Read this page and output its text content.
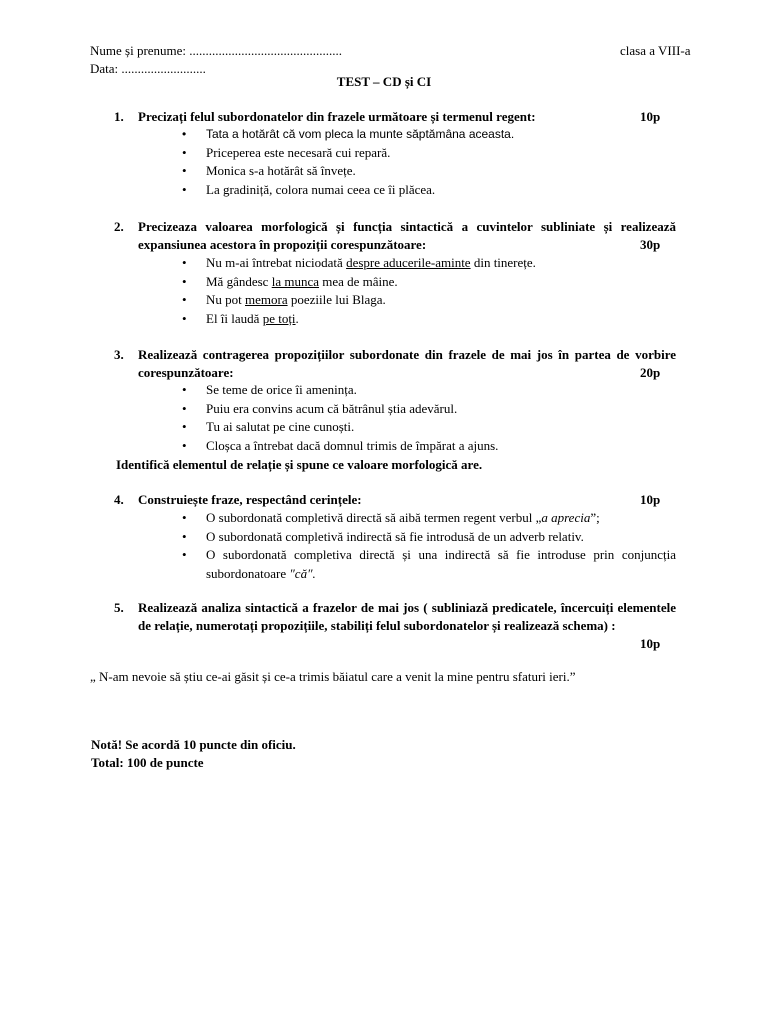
Nume și prenume: ...............................................
Data: ..........................
clasa a VIII-a
TEST – CD și CI
1. Precizați felul subordonatelor din frazele următoare și termenul regent:	10p
• Tata a hotărât că vom pleca la munte săptămâna aceasta.
• Priceperea este necesară cui repară.
• Monica s-a hotărât să învețe.
• La gradiniță, colora numai ceea ce îi plăcea.
2. Precizeaza valoarea morfologică și funcția sintactică a cuvintelor subliniate și realizează expansiunea acestora în propoziții corespunzătoare:	30p
• Nu m-ai întrebat niciodată despre aducerile-aminte din tinerețe.
• Mă gândesc la munca mea de mâine.
• Nu pot memora poeziile lui Blaga.
• El îi laudă pe toți.
3. Realizează contragerea propozițiilor subordonate din frazele de mai jos în partea de vorbire corespunzătoare:	20p
• Se teme de orice îi amenința.
• Puiu era convins acum că bătrânul știa adevărul.
• Tu ai salutat pe cine cunoști.
• Cloșca a întrebat dacă domnul trimis de împărat a ajuns.
Identifică elementul de relație și spune ce valoare morfologică are.
4. Construiește fraze, respectând cerințele:	10p
• O subordonată completivă directă să aibă termen regent verbul „a aprecia”;
• O subordonată completivă indirectă să fie introdusă de un adverb relativ.
• O subordonată completiva directă și una indirectă să fie introduse prin conjuncția subordonatoare ″că″.
5. Realizează analiza sintactică a frazelor de mai jos ( subliniază predicatele, încercuiți elementele de relație, numerotați propozițiile, stabiliți felul subordonatelor și realizează schema) :
10p
„ N-am nevoie să știu ce-ai găsit și ce-a trimis băiatul care a venit la mine pentru sfaturi ieri.”
Notă! Se acordă 10 puncte din oficiu.
Total: 100 de puncte
